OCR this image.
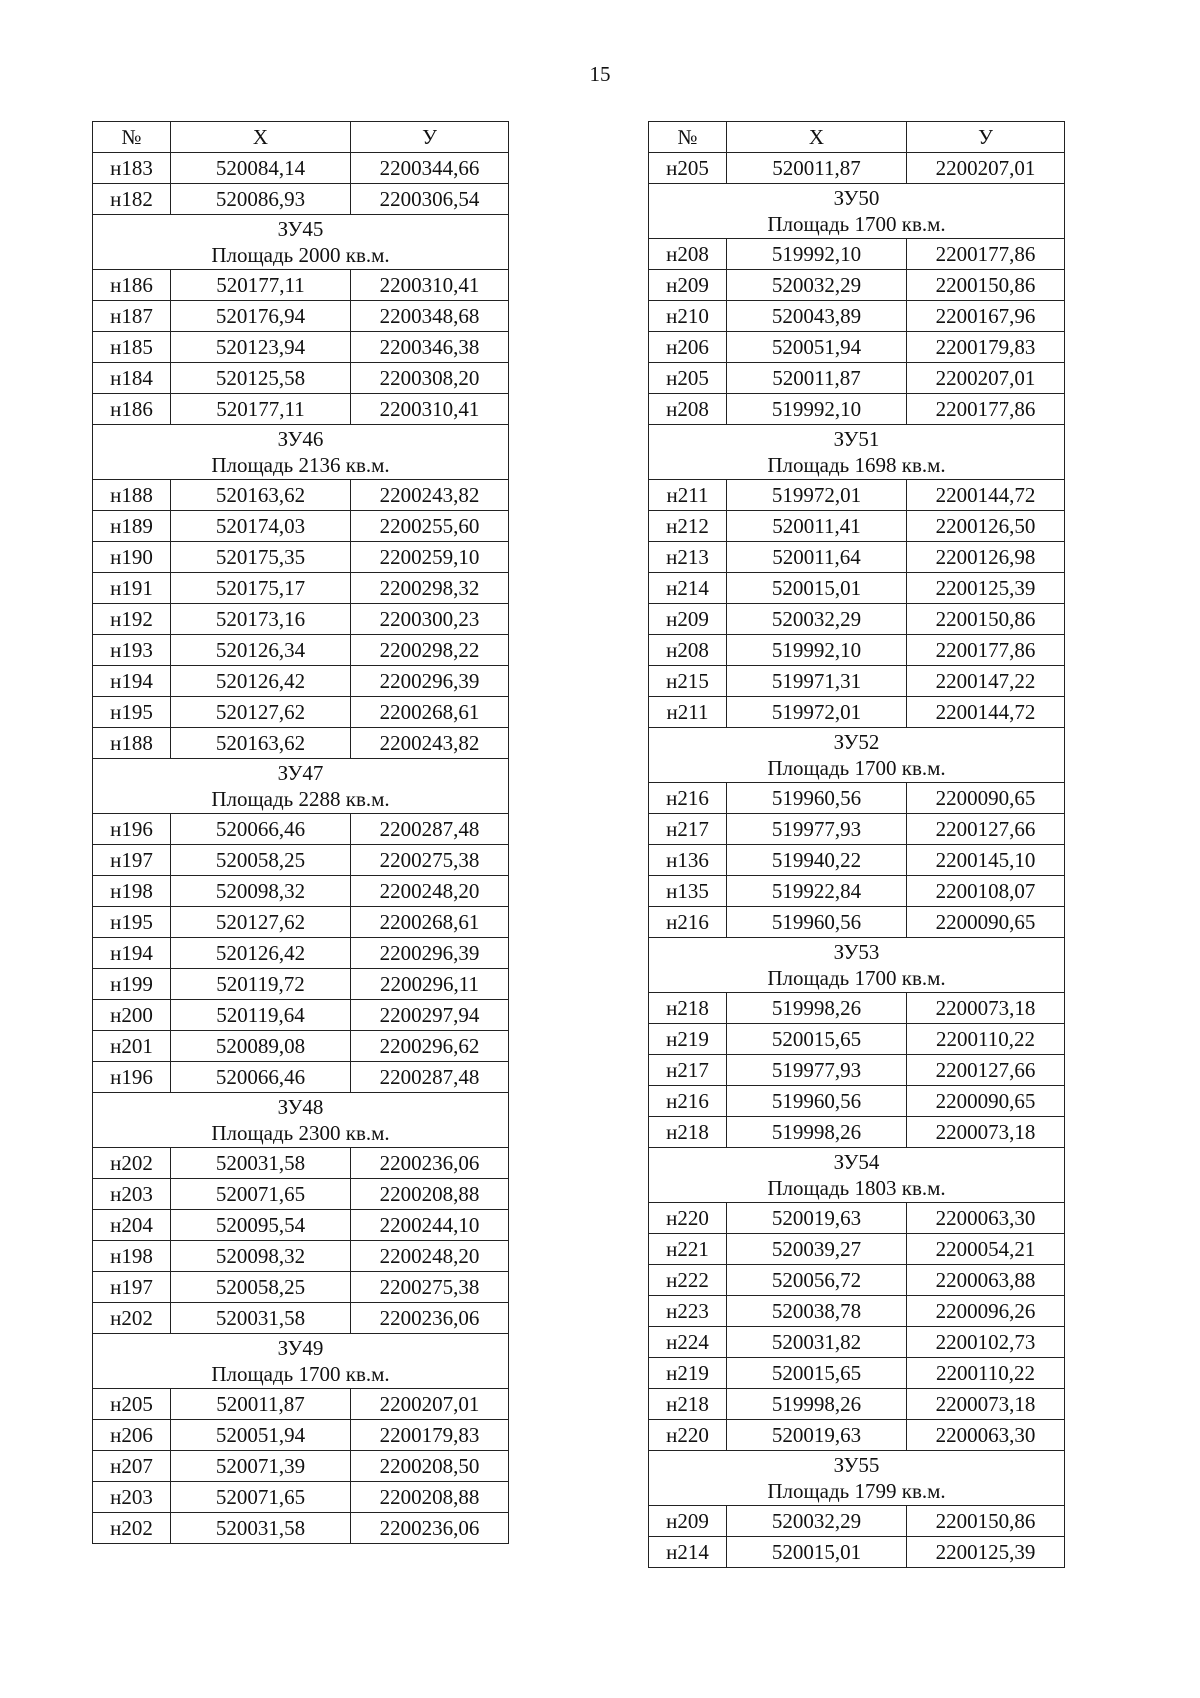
15
№	Х	У
н183	520084,14	2200344,66
н182	520086,93	2200306,54

ЗУ45
Площадь 2000 кв.м.		

н186	520177,11	2200310,41
н187	520176,94	2200348,68
н185	520123,94	2200346,38
н184	520125,58	2200308,20
н186	520177,11	2200310,41

ЗУ46
Площадь 2136 кв.м.		

н188	520163,62	2200243,82
н189	520174,03	2200255,60
н190	520175,35	2200259,10
н191	520175,17	2200298,32
н192	520173,16	2200300,23
н193	520126,34	2200298,22
н194	520126,42	2200296,39
н195	520127,62	2200268,61
н188	520163,62	2200243,82

ЗУ47
Площадь 2288 кв.м.		

н196	520066,46	2200287,48
н197	520058,25	2200275,38
н198	520098,32	2200248,20
н195	520127,62	2200268,61
н194	520126,42	2200296,39
н199	520119,72	2200296,11
н200	520119,64	2200297,94
н201	520089,08	2200296,62
н196	520066,46	2200287,48

ЗУ48
Площадь 2300 кв.м.		

н202	520031,58	2200236,06
н203	520071,65	2200208,88
н204	520095,54	2200244,10
н198	520098,32	2200248,20
н197	520058,25	2200275,38
н202	520031,58	2200236,06

ЗУ49
Площадь 1700 кв.м.		

н205	520011,87	2200207,01
н206	520051,94	2200179,83
н207	520071,39	2200208,50
н203	520071,65	2200208,88
н202	520031,58	2200236,06
№	Х	У
н205	520011,87	2200207,01

ЗУ50
Площадь 1700 кв.м.		

н208	519992,10	2200177,86
н209	520032,29	2200150,86
н210	520043,89	2200167,96
н206	520051,94	2200179,83
н205	520011,87	2200207,01
н208	519992,10	2200177,86

ЗУ51
Площадь 1698 кв.м.		

н211	519972,01	2200144,72
н212	520011,41	2200126,50
н213	520011,64	2200126,98
н214	520015,01	2200125,39
н209	520032,29	2200150,86
н208	519992,10	2200177,86
н215	519971,31	2200147,22
н211	519972,01	2200144,72

ЗУ52
Площадь 1700 кв.м.		

н216	519960,56	2200090,65
н217	519977,93	2200127,66
н136	519940,22	2200145,10
н135	519922,84	2200108,07
н216	519960,56	2200090,65

ЗУ53
Площадь 1700 кв.м.		

н218	519998,26	2200073,18
н219	520015,65	2200110,22
н217	519977,93	2200127,66
н216	519960,56	2200090,65
н218	519998,26	2200073,18

ЗУ54
Площадь 1803 кв.м.		

н220	520019,63	2200063,30
н221	520039,27	2200054,21
н222	520056,72	2200063,88
н223	520038,78	2200096,26
н224	520031,82	2200102,73
н219	520015,65	2200110,22
н218	519998,26	2200073,18
н220	520019,63	2200063,30

ЗУ55
Площадь 1799 кв.м.		

н209	520032,29	2200150,86
н214	520015,01	2200125,39
